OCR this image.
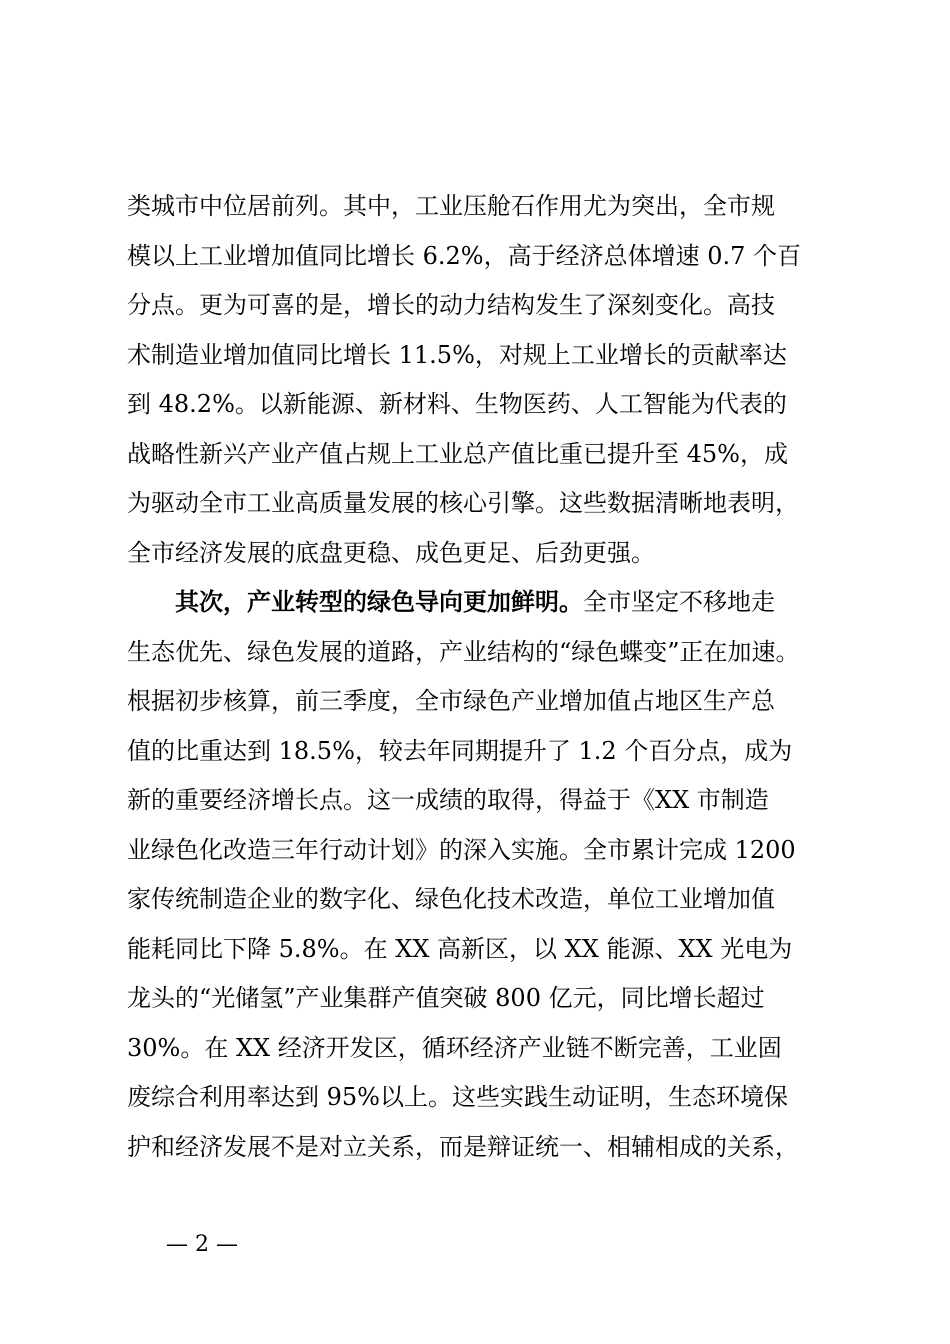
类城市中位居前列。其中，工业压舱石作用尤为突出，全市规
模以上工业增加值同比增长 6.2%，高于经济总体增速 0.7 个百
分点。更为可喜的是，增长的动力结构发生了深刻变化。高技
术制造业增加值同比增长 11.5%，对规上工业增长的贡献率达
到 48.2%。以新能源、新材料、生物医药、人工智能为代表的
战略性新兴产业产值占规上工业总产值比重已提升至 45%，成
为驱动全市工业高质量发展的核心引擎。这些数据清晰地表明，
全市经济发展的底盘更稳、成色更足、后劲更强。
其次，产业转型的绿色导向更加鲜明。全市坚定不移地走
生态优先、绿色发展的道路，产业结构的“绿色蝶变”正在加速。
根据初步核算，前三季度，全市绿色产业增加值占地区生产总
值的比重达到 18.5%，较去年同期提升了 1.2 个百分点，成为
新的重要经济增长点。这一成绩的取得，得益于《XX 市制造
业绿色化改造三年行动计划》的深入实施。全市累计完成 1200
家传统制造企业的数字化、绿色化技术改造，单位工业增加值
能耗同比下降 5.8%。在 XX 高新区，以 XX 能源、XX 光电为
龙头的“光储氢”产业集群产值突破 800 亿元，同比增长超过
30%。在 XX 经济开发区，循环经济产业链不断完善，工业固
废综合利用率达到 95%以上。这些实践生动证明，生态环境保
护和经济发展不是对立关系，而是辩证统一、相辅相成的关系，
— 2 —
